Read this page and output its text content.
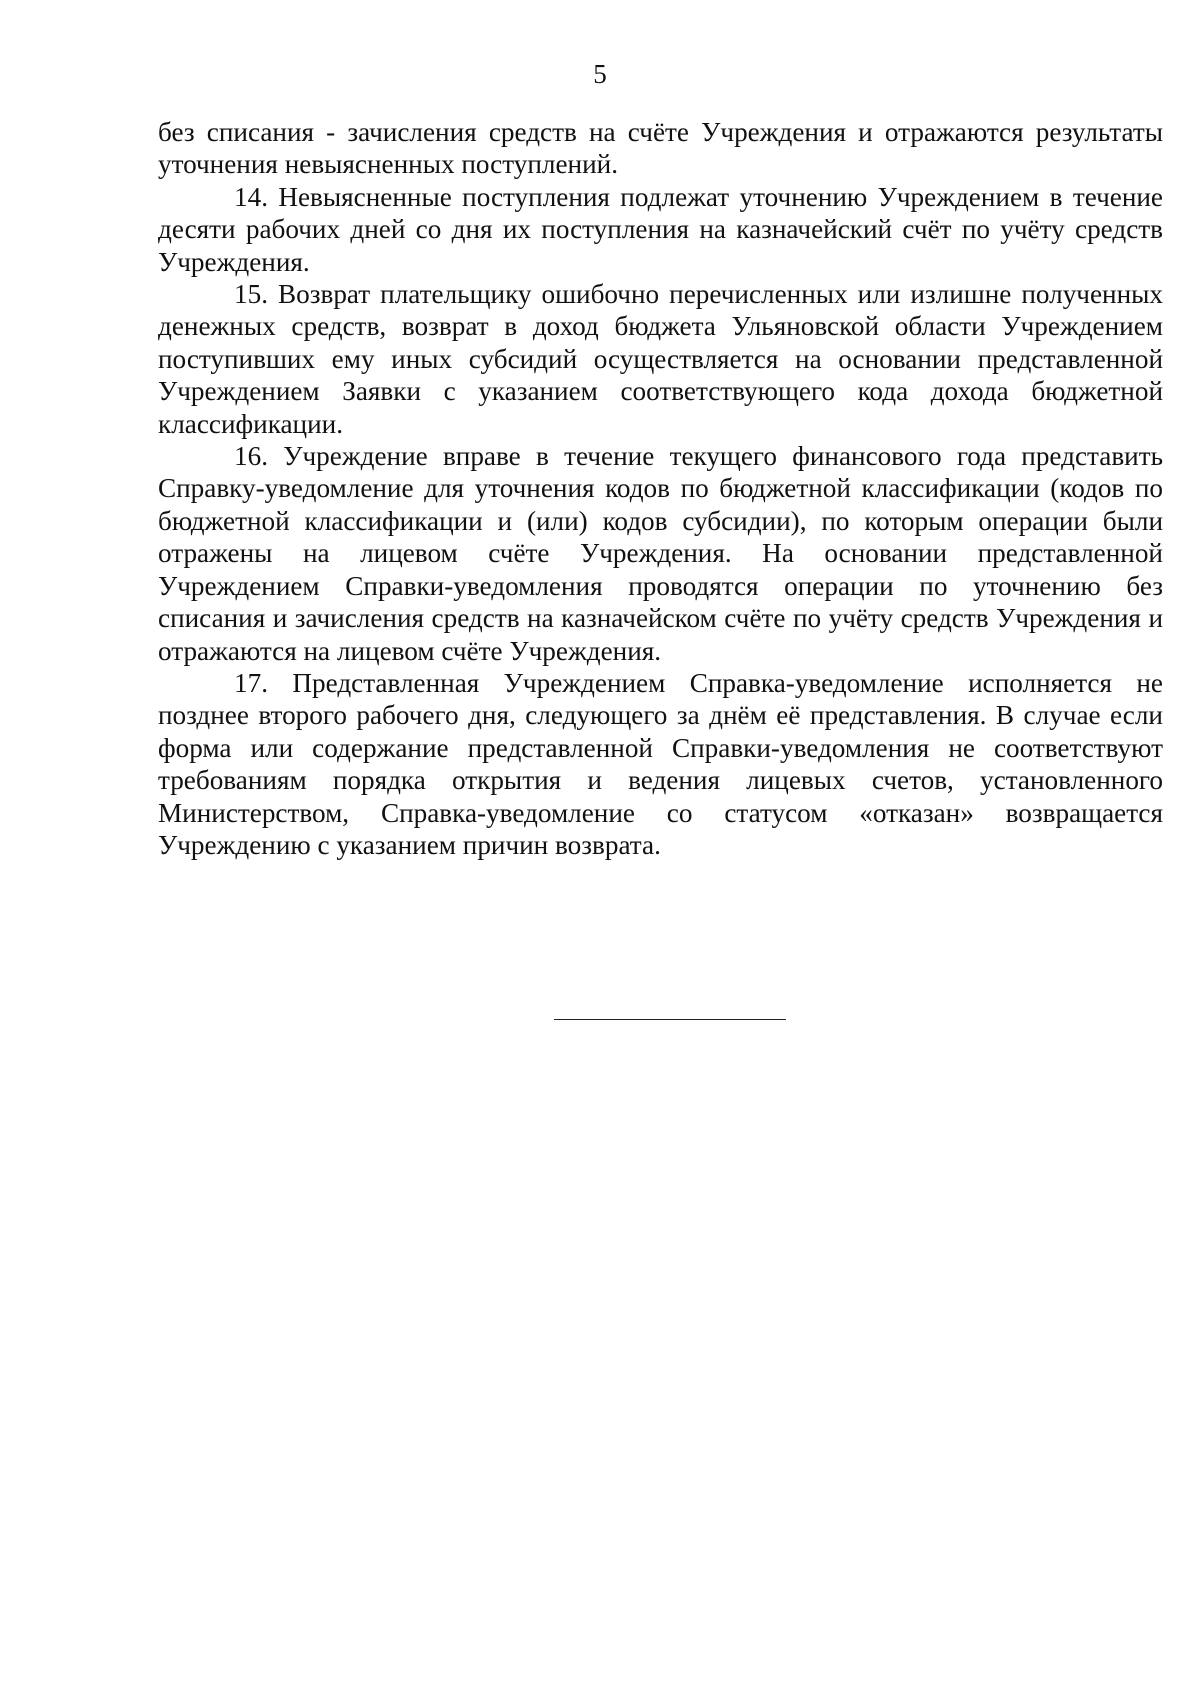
5

без списания - зачисления средств на счёте Учреждения и отражаются результаты уточнения невыясненных поступлений.

14. Невыясненные поступления подлежат уточнению Учреждением в течение десяти рабочих дней со дня их поступления на казначейский счёт по учёту средств Учреждения.

15. Возврат плательщику ошибочно перечисленных или излишне полученных денежных средств, возврат в доход бюджета Ульяновской области Учреждением поступивших ему иных субсидий осуществляется на основании представленной Учреждением Заявки с указанием соответствующего кода дохода бюджетной классификации.

16. Учреждение вправе в течение текущего финансового года представить Справку-уведомление для уточнения кодов по бюджетной классификации (кодов по бюджетной классификации и (или) кодов субсидии), по которым операции были отражены на лицевом счёте Учреждения. На основании представленной Учреждением Справки-уведомления проводятся операции по уточнению без списания и зачисления средств на казначейском счёте по учёту средств Учреждения и отражаются на лицевом счёте Учреждения.

17. Представленная Учреждением Справка-уведомление исполняется не позднее второго рабочего дня, следующего за днём её представления. В случае если форма или содержание представленной Справки-уведомления не соответствуют требованиям порядка открытия и ведения лицевых счетов, установленного Министерством, Справка-уведомление со статусом «отказан» возвращается Учреждению с указанием причин возврата.
